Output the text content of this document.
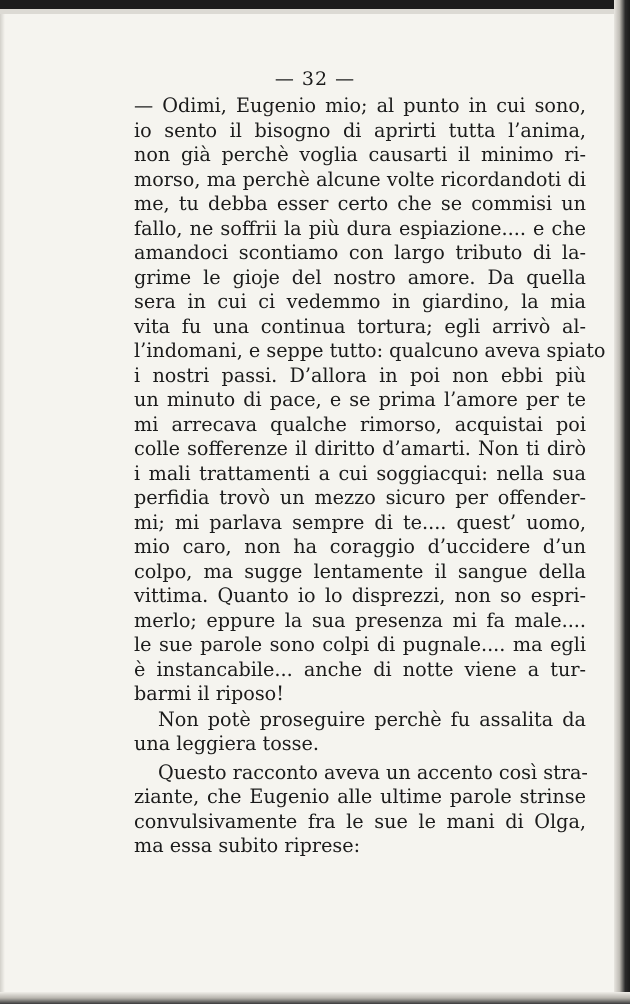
— 32 —
— Odimi, Eugenio mio; al punto in cui sono,
io sento il bisogno di aprirti tutta l’anima,
non già perchè voglia causarti il minimo ri-
morso, ma perchè alcune volte ricordandoti di
me, tu debba esser certo che se commisi un
fallo, ne soffrii la più dura espiazione.... e che
amandoci scontiamo con largo tributo di la-
grime le gioje del nostro amore. Da quella
sera in cui ci vedemmo in giardino, la mia
vita fu una continua tortura; egli arrivò al-
l’indomani, e seppe tutto: qualcuno aveva spiato
i nostri passi. D’allora in poi non ebbi più
un minuto di pace, e se prima l’amore per te
mi arrecava qualche rimorso, acquistai poi
colle sofferenze il diritto d’amarti. Non ti dirò
i mali trattamenti a cui soggiacqui: nella sua
perfidia trovò un mezzo sicuro per offender-
mi; mi parlava sempre di te.... quest’ uomo,
mio caro, non ha coraggio d’uccidere d’un
colpo, ma sugge lentamente il sangue della
vittima. Quanto io lo disprezzi, non so espri-
merlo; eppure la sua presenza mi fa male....
le sue parole sono colpi di pugnale.... ma egli
è instancabile... anche di notte viene a tur-
barmi il riposo!
Non potè proseguire perchè fu assalita da
una leggiera tosse.
Questo racconto aveva un accento così stra-
ziante, che Eugenio alle ultime parole strinse
convulsivamente fra le sue le mani di Olga,
ma essa subito riprese:
